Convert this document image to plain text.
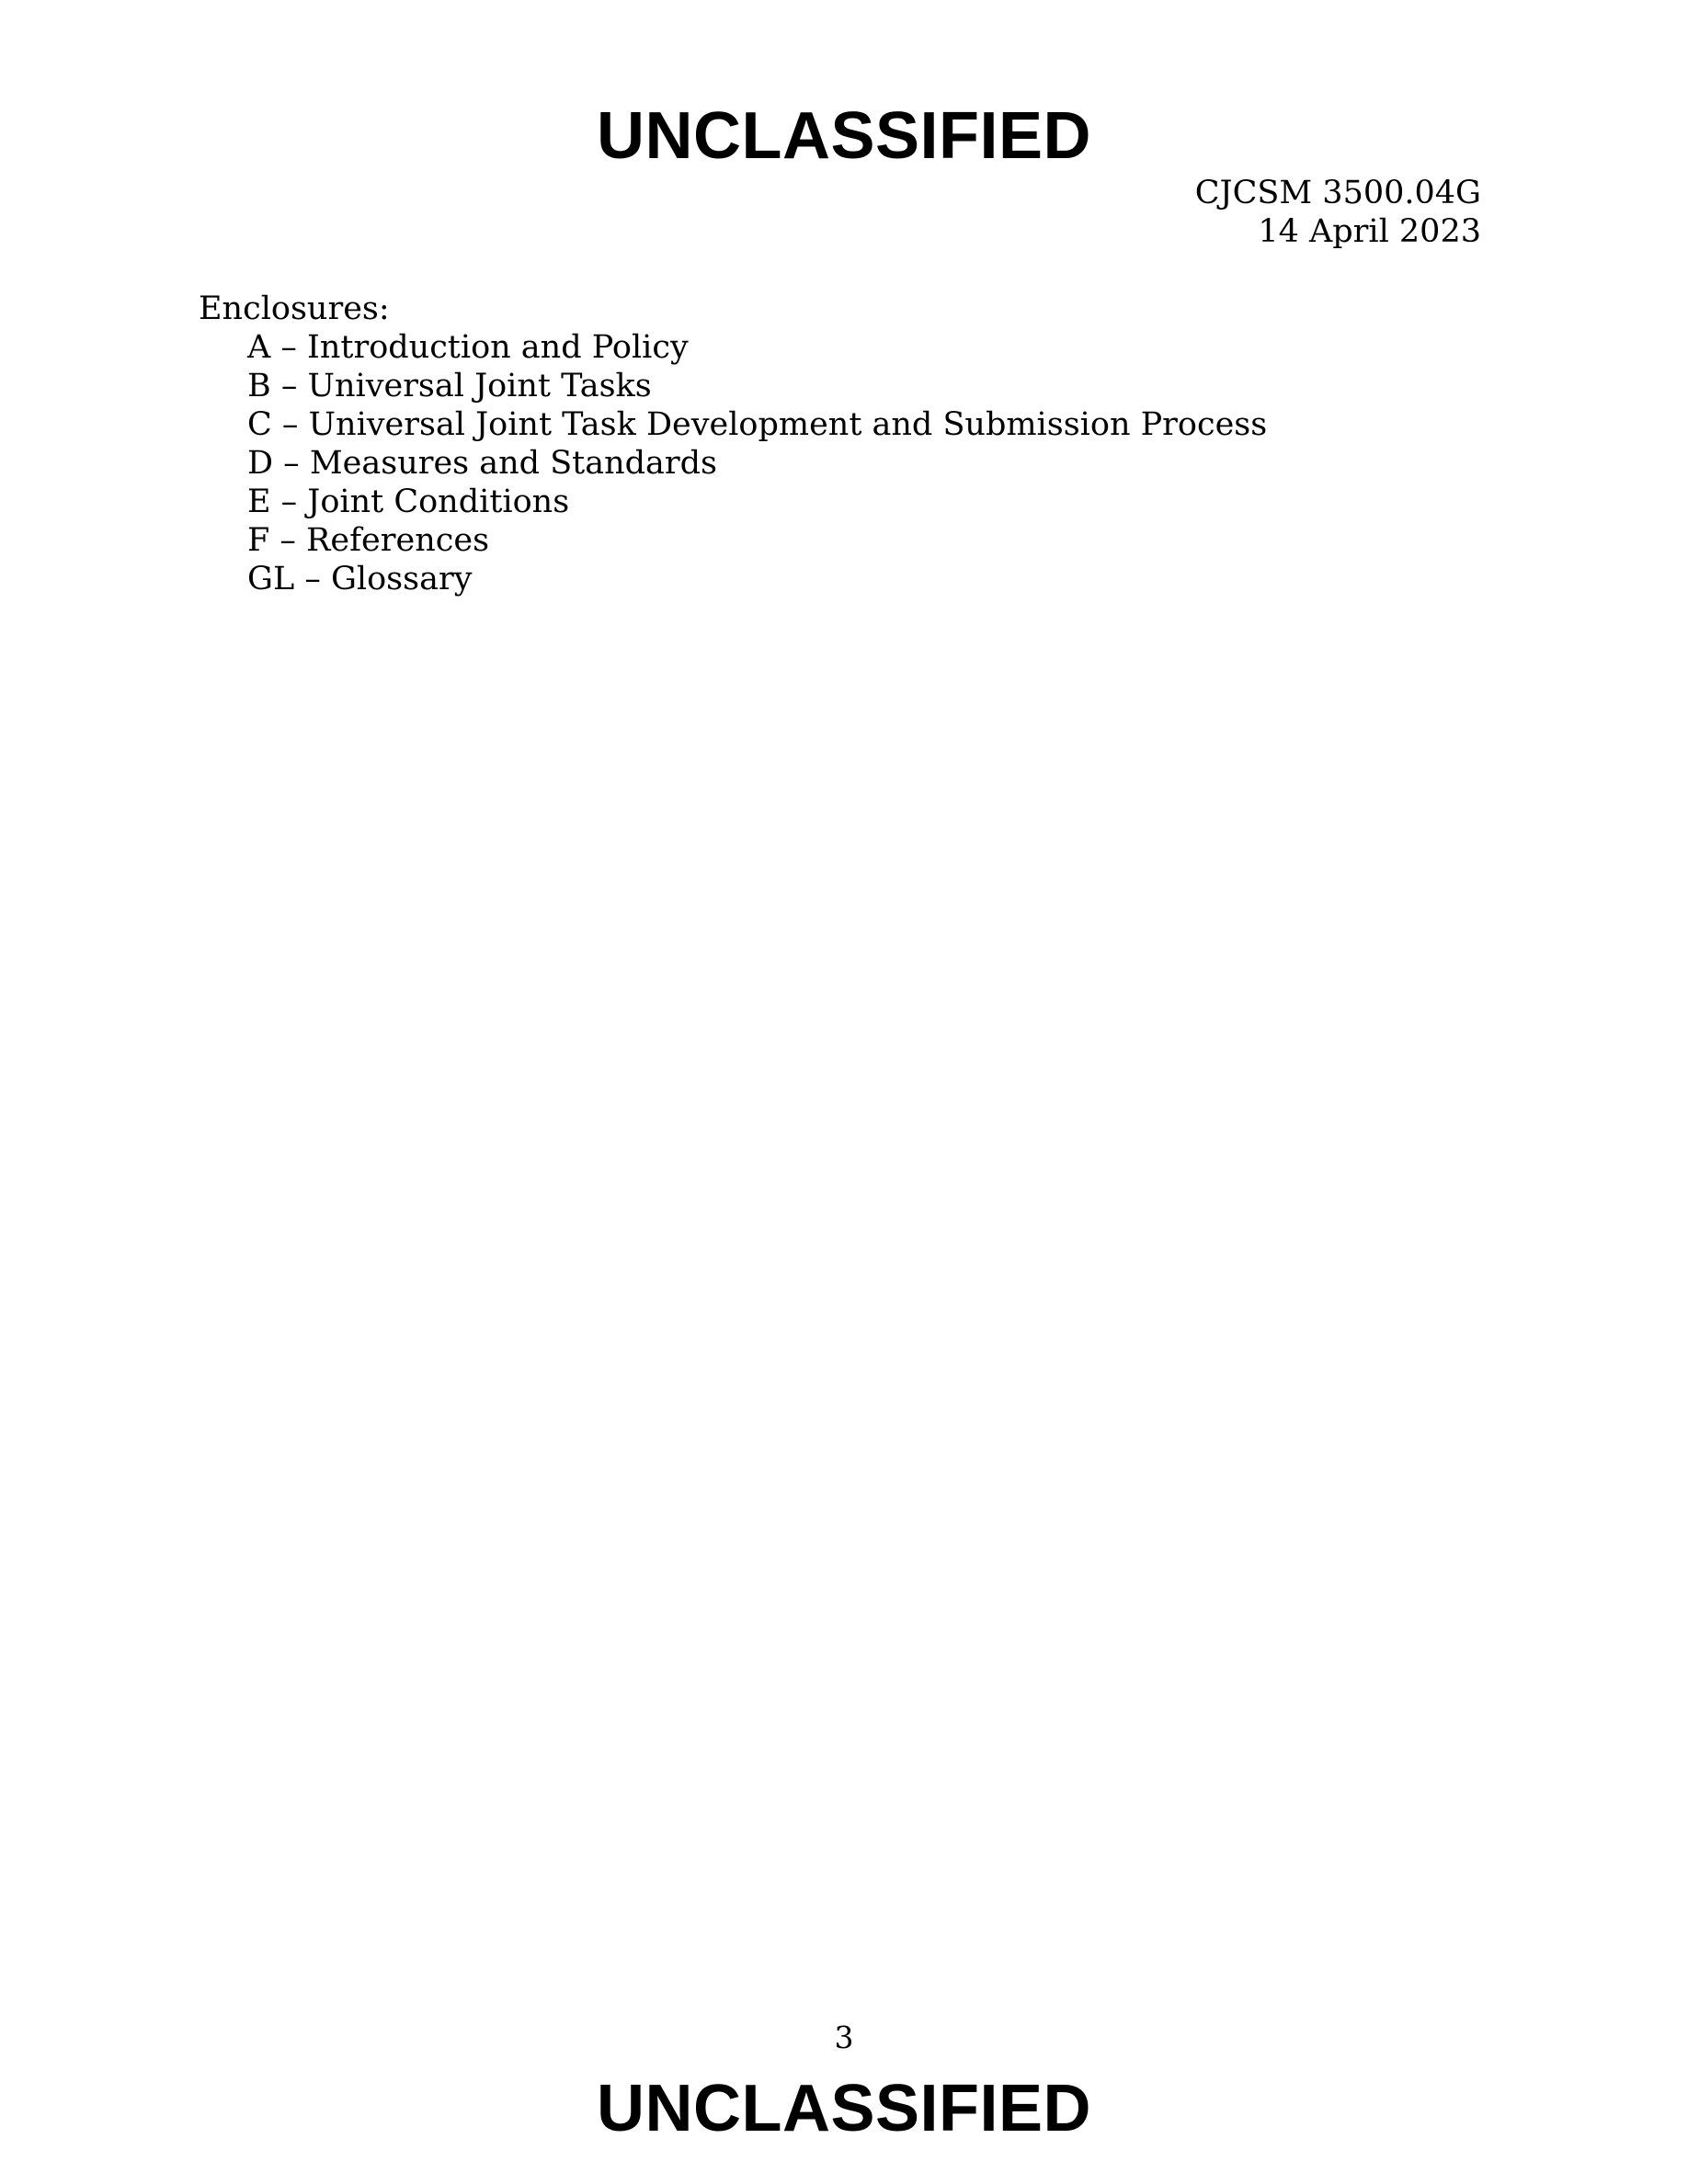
UNCLASSIFIED
CJCSM 3500.04G
14 April 2023
Enclosures:
A – Introduction and Policy
B – Universal Joint Tasks
C – Universal Joint Task Development and Submission Process
D – Measures and Standards
E – Joint Conditions
F – References
GL – Glossary
3
UNCLASSIFIED
